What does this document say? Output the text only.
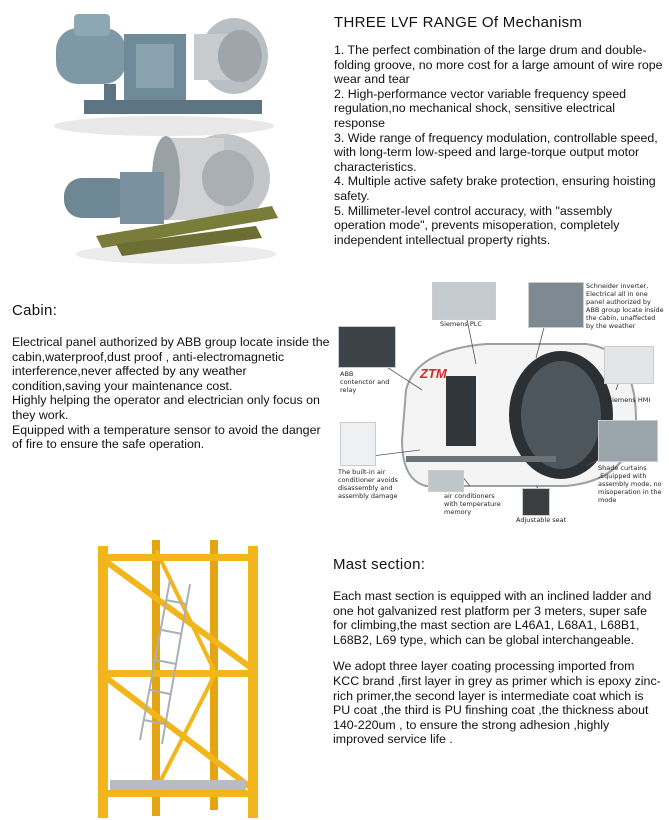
THREE LVF RANGE Of Mechanism

1. The perfect combination of the large drum and double-folding groove, no more cost for a large amount of wire rope wear and tear

2. High-performance vector variable frequency speed regulation,no mechanical shock, sensitive electrical response

3. Wide range of frequency modulation, controllable speed, with long-term low-speed and large-torque output motor characteristics.

4. Multiple active safety brake protection, ensuring hoisting safety.

5. Millimeter-level control accuracy, with "assembly operation mode", prevents misoperation, completely independent intellectual property rights.

Cabin:

Electrical panel authorized by ABB group locate inside the cabin,waterproof,dust proof , anti-electromagnetic interference,never affected by any weather condition,saving your maintenance cost.

Highly helping the operator and electrician only focus on they work.

Equipped with a temperature sensor to avoid the danger of fire to ensure the safe operation.

ZTM
Schneider inverter, Electrical all in one panel authorized by ABB group locate inside the cabin, unaffected by the weather
Siemens PLC
ABB contenctor and relay
Siemens HMI
The built-in air conditioner avoids disassembly and assembly damage	air conditioners with temperature memory
Adjustable seat
Shade curtains ,Equipped with assembly mode, no misoperation in the mode
Mast section:
Each mast section is equipped with an inclined ladder and one hot galvanized rest platform per 3 meters, super safe for climbing,the mast section are L46A1, L68A1, L68B1, L68B2, L69 type, which can be global interchangeable.
We adopt three layer coating processing imported from KCC brand ,first layer in grey as primer which is epoxy zinc-rich primer,the second layer is intermediate coat which is PU coat ,the third is PU finshing coat ,the thickness about 140-220um , to ensure the strong adhesion ,highly improved service life .
